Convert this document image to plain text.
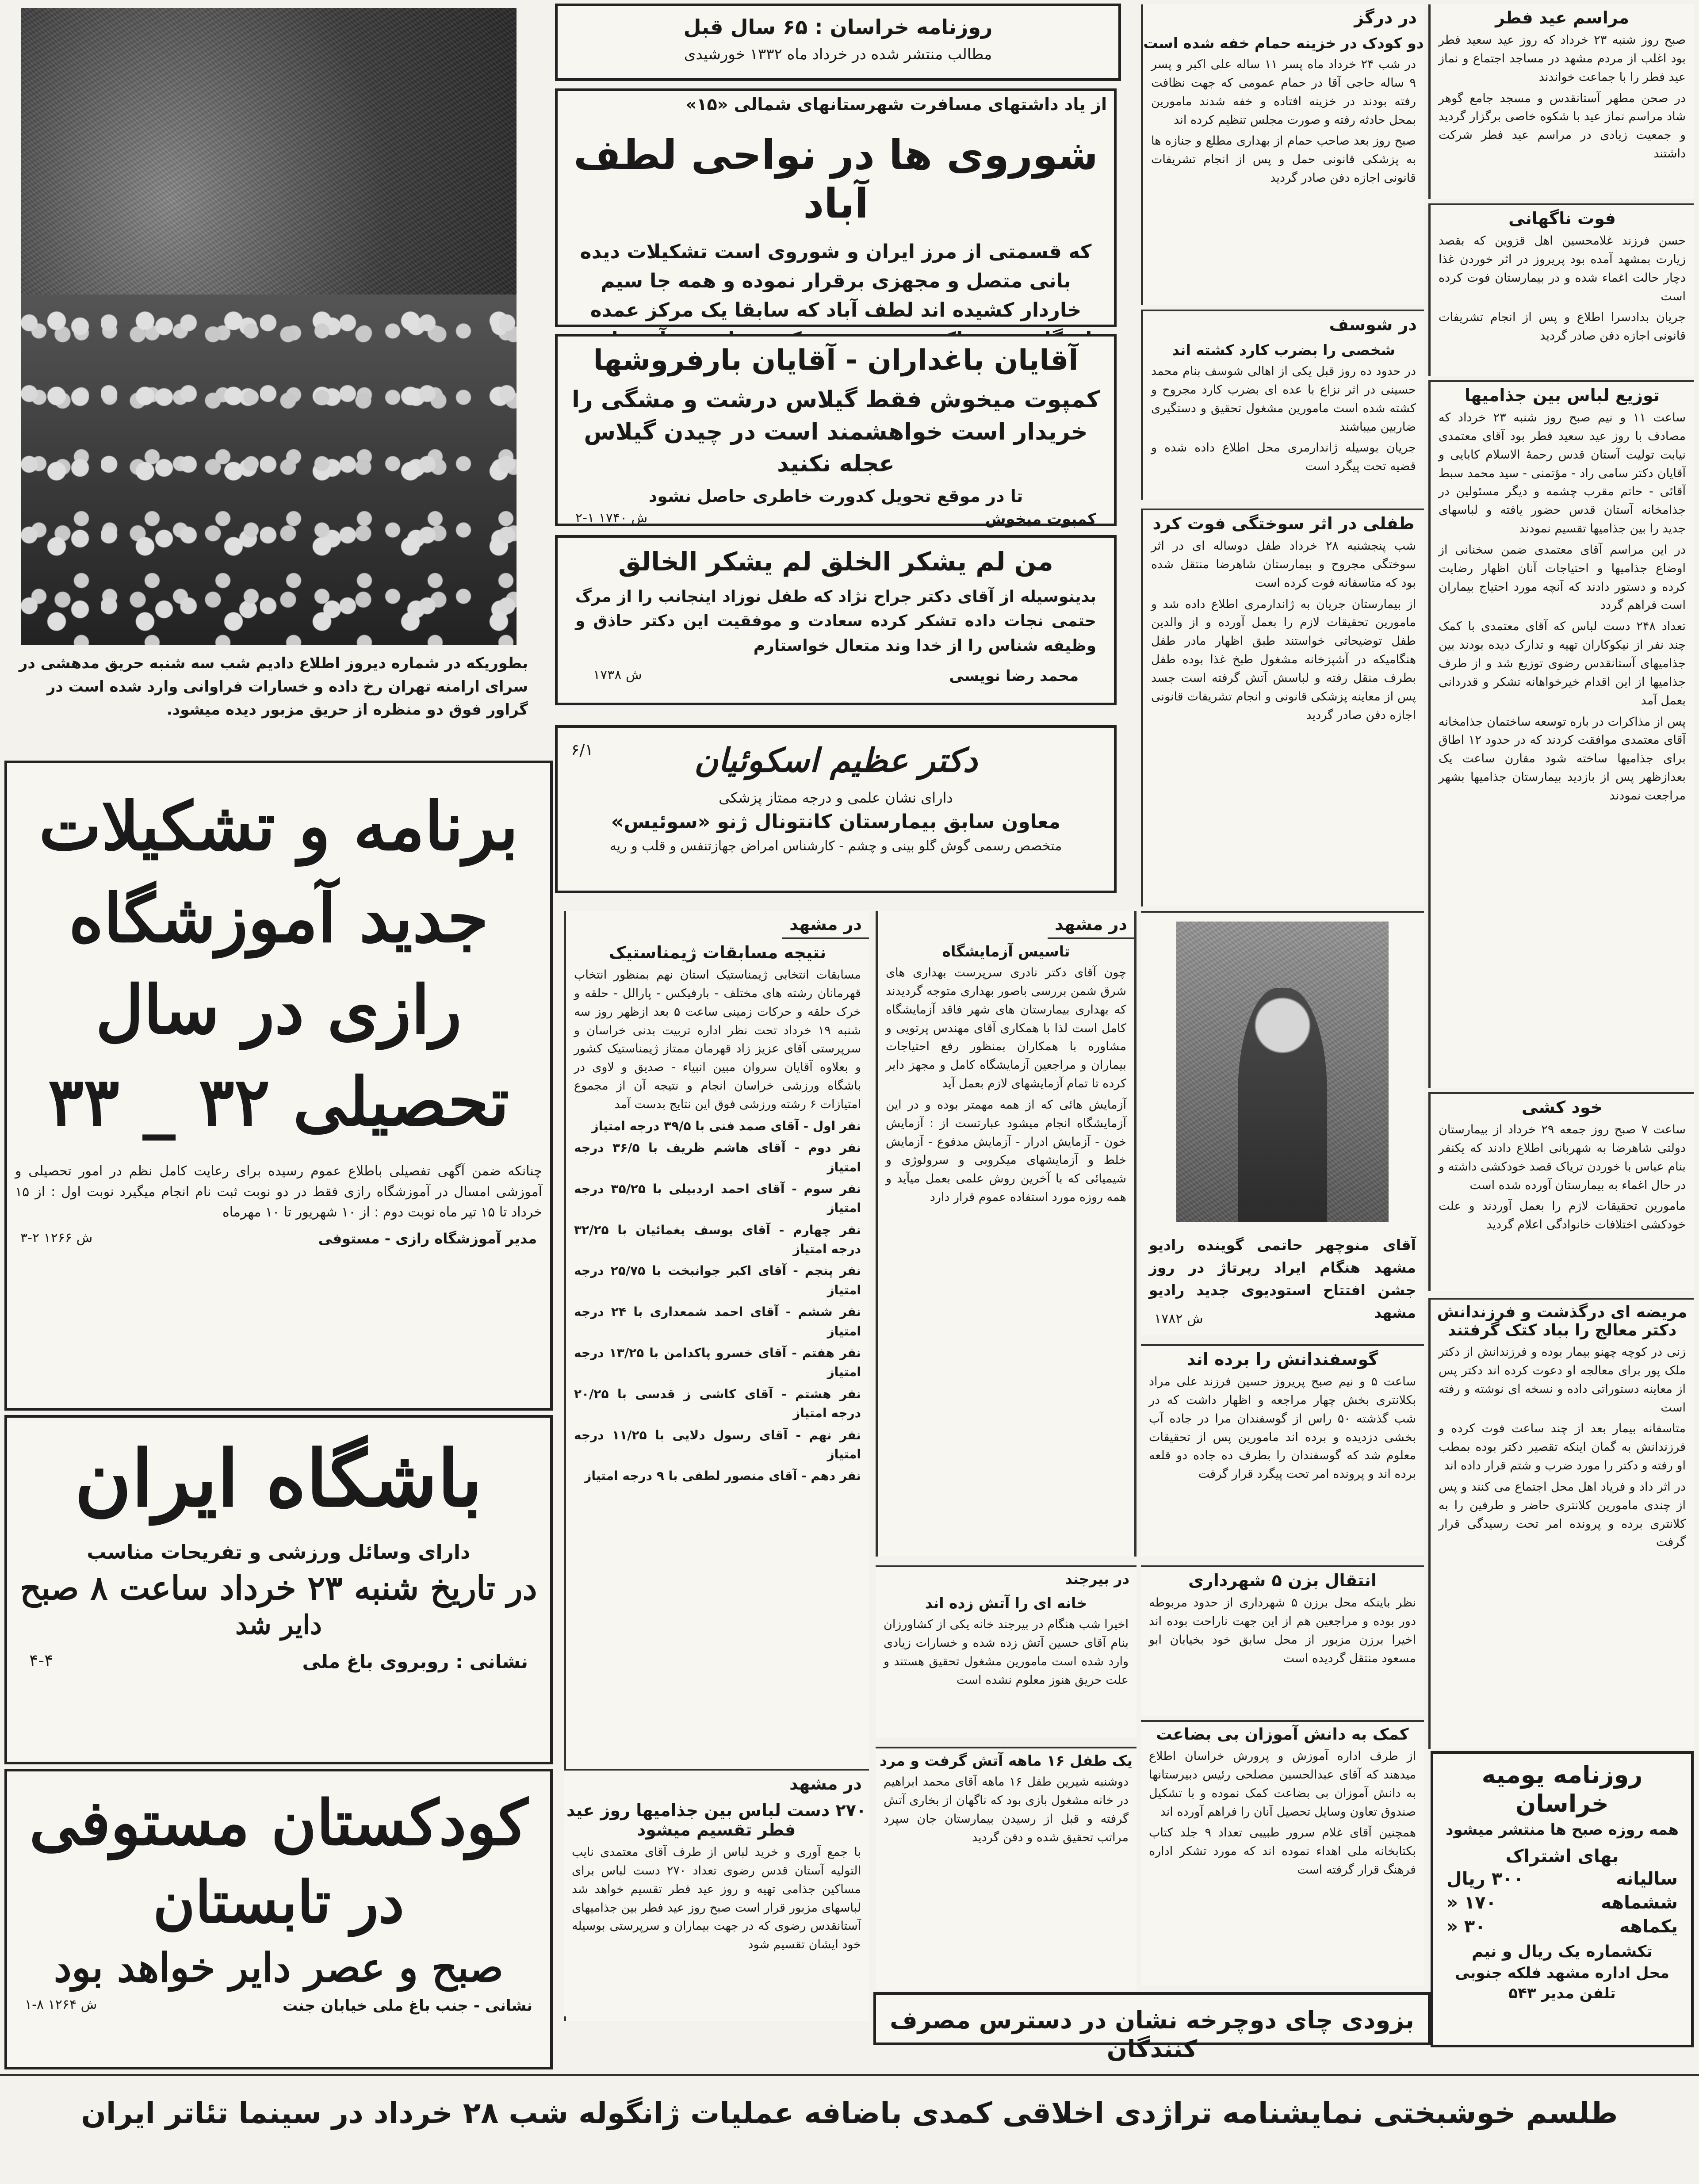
بطوریکه در شماره دیروز اطلاع دادیم شب سه شنبه حریق مدهشی در سرای ارامنه تهران رخ داده و خسارات فراوانی وارد شده است در گراور فوق دو منظره از حریق مزبور دیده میشود.

برنامه و تشکیلات

جدید آموزشگاه

رازی در سال

تحصیلی ۳۲ _ ۳۳

چنانکه ضمن آگهی تفصیلی باطلاع عموم رسیده برای رعایت کامل نظم در امور تحصیلی و آموزشی امسال در آموزشگاه رازی فقط در دو نوبت ثبت نام انجام میگیرد نوبت اول : از ۱۵ خرداد تا ۱۵ تیر ماه نوبت دوم : از ۱۰ شهریور تا ۱۰ مهرماه

مدیر آموزشگاه رازی - مستوفی
ش ۱۲۶۶ ۲-۳

باشگاه ایران

دارای وسائل ورزشی و تفریحات مناسب

در تاریخ شنبه ۲۳ خرداد ساعت ۸ صبح

دایر شد

نشانی : روبروی باغ ملی
۴-۴

کودکستان مستوفی

در تابستان

صبح و عصر دایر خواهد بود

نشانی - جنب باغ ملی خیابان جنت
ش ۱۲۶۴ ۸-۱

روزنامه خراسان : ۶۵ سال قبل

مطالب منتشر شده در خرداد ماه ۱۳۳۲ خورشیدی

از یاد داشتهای مسافرت شهرستانهای شمالی «۱۵»

شوروی ها در نواحی لطف آباد

که قسمتی از مرز ایران و شوروی است تشکیلات دیده بانی متصل و مجهزی برقرار نموده و همه جا سیم خاردار کشیده اند لطف آباد که سابقا یک مرکز عمده

آقایان باغداران - آقایان بارفروشها

کمپوت میخوش فقط گیلاس درشت و مشگی را خریدار است خواهشمند است در چیدن گیلاس عجله نکنید

تا در موقع تحویل کدورت خاطری حاصل نشود

کمپوت میخوش
ش ۱۷۴۰ ۱-۲

من لم یشکر الخلق لم یشکر الخالق

بدینوسیله از آقای دکتر جراح نژاد که طفل نوزاد اینجانب را از مرگ حتمی نجات داده تشکر کرده سعادت و موفقیت این دکتر حاذق و وظیفه شناس را از خدا وند متعال خواستارم

محمد رضا نویسی
ش ۱۷۳۸

دکتر عظیم اسکوئیان

دارای نشان علمی و درجه ممتاز پزشکی

معاون سابق بیمارستان کانتونال ژنو «سوئیس»

متخصص رسمی گوش گلو بینی و چشم - کارشناس امراض جهازتنفس و قلب و ریه

۶/۱
در مشهد

نتیجه مسابقات ژیمناستیک

مسابقات انتخابی ژیمناستیک استان نهم بمنظور انتخاب قهرمانان رشته های مختلف - بارفیکس - پارالل - حلقه و خرک حلقه و حرکات زمینی ساعت ۵ بعد ازظهر روز سه شنبه ۱۹ خرداد تحت نظر اداره تربیت بدنی خراسان و سرپرستی آقای عزیز زاد قهرمان ممتاز ژیمناستیک کشور و بعلاوه آقایان سروان مبین انبیاء - صدیق و لاوی در باشگاه ورزشی خراسان انجام و نتیجه آن از مجموع امتیازات ۶ رشته ورزشی فوق این نتایج بدست آمد

نفر اول - آقای صمد فنی با ۳۹/۵ درجه امتیاز

نفر دوم - آقای هاشم ظریف با ۳۶/۵ درجه امتیاز

نفر سوم - آقای احمد اردبیلی با ۳۵/۲۵ درجه امتیاز

نفر چهارم - آقای یوسف یغمائیان با ۳۲/۲۵ درجه امتیاز

نفر پنجم - آقای اکبر جوانبخت با ۲۵/۷۵ درجه امتیاز

نفر ششم - آقای احمد شمعداری با ۲۴ درجه امتیاز

نفر هفتم - آقای خسرو پاکدامن با ۱۳/۲۵ درجه امتیاز

نفر هشتم - آقای کاشی ز قدسی با ۲۰/۲۵ درجه امتیاز

نفر نهم - آقای رسول دلایی با ۱۱/۲۵ درجه امتیاز

نفر دهم - آقای منصور لطفی با ۹ درجه امتیاز

در مشهد

تاسیس آزمایشگاه

چون آقای دکتر نادری سرپرست بهداری های شرق شمن بررسی باصور بهداری متوجه گردیدند که بهداری بیمارستان های شهر فاقد آزمایشگاه کامل است لذا با همکاری آقای مهندس پرتویی و مشاوره با همکاران بمنظور رفع احتیاجات بیماران و مراجعین آزمایشگاه کامل و مجهز دایر کرده تا تمام آزمایشهای لازم بعمل آید

آزمایش هائی که از همه مهمتر بوده و در این آزمایشگاه انجام میشود عبارتست از : آزمایش خون - آزمایش ادرار - آزمایش مدفوع - آزمایش خلط و آزمایشهای میکروبی و سرولوژی و شیمیائی که با آخرین روش علمی بعمل میآید و همه روزه مورد استفاده عموم قرار دارد

در بیرجند

خانه ای را آتش زده اند

اخیرا شب هنگام در بیرجند خانه یکی از کشاورزان بنام آقای حسین آتش زده شده و خسارات زیادی وارد شده است مامورین مشغول تحقیق هستند و علت حریق هنوز معلوم نشده است

یک طفل ۱۶ ماهه آتش گرفت و مرد

دوشنبه شیرین طفل ۱۶ ماهه آقای محمد ابراهیم در خانه مشغول بازی بود که ناگهان از بخاری آتش گرفته و قبل از رسیدن بیمارستان جان سپرد مراتب تحقیق شده و دفن گردید

در مشهد

۲۷۰ دست لباس بین جذامیها روز عید فطر تقسیم میشود

با جمع آوری و خرید لباس از طرف آقای معتمدی نایب التولیه آستان قدس رضوی تعداد ۲۷۰ دست لباس برای مساکین جذامی تهیه و روز عید فطر تقسیم خواهد شد لباسهای مزبور قرار است صبح روز عید فطر بین جذامیهای آستانقدس رضوی که در جهت بیماران و سرپرستی بوسیله خود ایشان تقسیم شود

بزودی چای دوچرخه نشان در دسترس مصرف کنندگان

در درگز

دو کودک در خزینه حمام خفه شده است

در شب ۲۴ خرداد ماه پسر ۱۱ ساله علی اکبر و پسر ۹ ساله حاجی آقا در حمام عمومی که جهت نظافت رفته بودند در خزینه افتاده و خفه شدند مامورین بمحل حادثه رفته و صورت مجلس تنظیم کرده اند

صبح روز بعد صاحب حمام از بهداری مطلع و جنازه ها به پزشکی قانونی حمل و پس از انجام تشریفات قانونی اجازه دفن صادر گردید

در شوسف

شخصی را بضرب کارد کشته اند

در حدود ده روز قبل یکی از اهالی شوسف بنام محمد حسینی در اثر نزاع با عده ای بضرب کارد مجروح و کشته شده است مامورین مشغول تحقیق و دستگیری ضاربین میباشند

جریان بوسیله ژاندارمری محل اطلاع داده شده و قضیه تحت پیگرد است

طفلی در اثر سوختگی فوت کرد

شب پنجشنبه ۲۸ خرداد طفل دوساله ای در اثر سوختگی مجروح و بیمارستان شاهرضا منتقل شده بود که متاسفانه فوت کرده است

از بیمارستان جریان به ژاندارمری اطلاع داده شد و مامورین تحقیقات لازم را بعمل آورده و از والدین طفل توضیحاتی خواستند طبق اظهار مادر طفل هنگامیکه در آشپزخانه مشغول طبخ غذا بوده طفل بطرف منقل رفته و لباسش آتش گرفته است جسد پس از معاینه پزشکی قانونی و انجام تشریفات قانونی اجازه دفن صادر گردید

آقای منوچهر حاتمی گوینده رادیو مشهد هنگام ایراد رپرتاژ در روز جشن افتتاح استودیوی جدید رادیو مشهد

ش ۱۷۸۲

گوسفندانش را برده اند

ساعت ۵ و نیم صبح پریروز حسین فرزند علی مراد بکلانتری بخش چهار مراجعه و اظهار داشت که در شب گذشته ۵۰ راس از گوسفندان مرا در جاده آب بخشی دزدیده و برده اند مامورین پس از تحقیقات معلوم شد که گوسفندان را بطرف ده جاده دو قلعه برده اند و پرونده امر تحت پیگرد قرار گرفت

انتقال بزن ۵ شهرداری

نظر باینکه محل برزن ۵ شهرداری از حدود مربوطه دور بوده و مراجعین هم از این جهت ناراحت بوده اند اخیرا برزن مزبور از محل سابق خود بخیابان ابو مسعود منتقل گردیده است

کمک به دانش آموزان بی بضاعت

از طرف اداره آموزش و پرورش خراسان اطلاع میدهند که آقای عبدالحسین مصلحی رئیس دبیرستانها به دانش آموزان بی بضاعت کمک نموده و با تشکیل صندوق تعاون وسایل تحصیل آنان را فراهم آورده اند

همچنین آقای غلام سرور طبیبی تعداد ۹ جلد کتاب بکتابخانه ملی اهداء نموده اند که مورد تشکر اداره فرهنگ قرار گرفته است

مراسم عید فطر

صبح روز شنبه ۲۳ خرداد که روز عید سعید فطر بود اغلب از مردم مشهد در مساجد اجتماع و نماز عید فطر را با جماعت خواندند

در صحن مطهر آستانقدس و مسجد جامع گوهر شاد مراسم نماز عید با شکوه خاصی برگزار گردید و جمعیت زیادی در مراسم عید فطر شرکت داشتند

فوت ناگهانی

حسن فرزند غلامحسین اهل قزوین که بقصد زیارت بمشهد آمده بود پریروز در اثر خوردن غذا دچار حالت اغماء شده و در بیمارستان فوت کرده است

جریان بدادسرا اطلاع و پس از انجام تشریفات قانونی اجازه دفن صادر گردید

توزیع لباس بین جذامیها

ساعت ۱۱ و نیم صبح روز شنبه ۲۳ خرداد که مصادف با روز عید سعید فطر بود آقای معتمدی نیابت تولیت آستان قدس رحمهٔ الاسلام کابایی و آقایان دکتر سامی راد - مؤتمنی - سید محمد سبط آقائی - حاتم مقرب چشمه و دیگر مسئولین در جذامخانه آستان قدس حضور یافته و لباسهای جدید را بین جذامیها تقسیم نمودند

در این مراسم آقای معتمدی ضمن سخنانی از اوضاع جذامیها و احتیاجات آنان اظهار رضایت کرده و دستور دادند که آنچه مورد احتیاج بیماران است فراهم گردد

تعداد ۲۴۸ دست لباس که آقای معتمدی با کمک چند نفر از نیکوکاران تهیه و تدارک دیده بودند بین جذامیهای آستانقدس رضوی توزیع شد و از طرف جذامیها از این اقدام خیرخواهانه تشکر و قدردانی بعمل آمد

پس از مذاکرات در باره توسعه ساختمان جذامخانه آقای معتمدی موافقت کردند که در حدود ۱۲ اطاق برای جذامیها ساخته شود مقارن ساعت یک بعدازظهر پس از بازدید بیمارستان جذامیها بشهر مراجعت نمودند

خود کشی

ساعت ۷ صبح روز جمعه ۲۹ خرداد از بیمارستان دولتی شاهرضا به شهربانی اطلاع دادند که یکنفر بنام عباس با خوردن تریاک قصد خودکشی داشته و در حال اغماء به بیمارستان آورده شده است

مامورین تحقیقات لازم را بعمل آوردند و علت خودکشی اختلافات خانوادگی اعلام گردید

مریضه ای درگذشت و فرزندانش دکتر معالج را بباد کتک گرفتند

زنی در کوچه چهنو بیمار بوده و فرزندانش از دکتر ملک پور برای معالجه او دعوت کرده اند دکتر پس از معاینه دستوراتی داده و نسخه ای نوشته و رفته است

متاسفانه بیمار بعد از چند ساعت فوت کرده و فرزندانش به گمان اینکه تقصیر دکتر بوده بمطب او رفته و دکتر را مورد ضرب و شتم قرار داده اند

در اثر داد و فریاد اهل محل اجتماع می کنند و پس از چندی مامورین کلانتری حاضر و طرفین را به کلانتری برده و پرونده امر تحت رسیدگی قرار گرفت

روزنامه یومیه خراسان

همه روزه صبح ها منتشر میشود

بهای اشتراک

سالیانه
۳۰۰ ریال
ششماهه
۱۷۰ «
یکماهه
۳۰ «

تکشماره یک ریال و نیم

محل اداره مشهد فلکه جنوبی

تلفن مدیر ۵۴۳

طلسم خوشبختی نمایشنامه تراژدی اخلاقی کمدی باضافه عملیات ژانگوله شب ۲۸ خرداد در سینما تئاتر ایران
